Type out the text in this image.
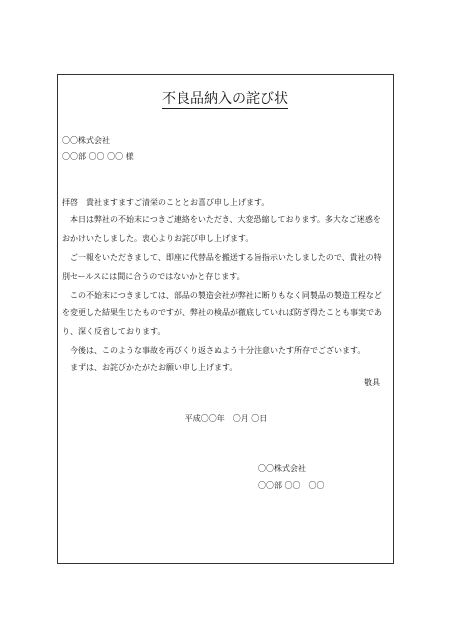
不良品納入の詫び状
〇〇株式会社
〇〇部 〇〇 〇〇 様
拝啓　貴社ますますご清栄のこととお喜び申し上げます。
　本日は弊社の不始末につきご連絡をいただき、大変恐縮しております。多大なご迷惑を
おかけいたしました。衷心よりお詫び申し上げます。
　ご一報をいただきまして、即座に代替品を搬送する旨指示いたしましたので、貴社の特
別セールスには間に合うのではないかと存じます。
　この不始末につきましては、部品の製造会社が弊社に断りもなく同製品の製造工程など
を変更した結果生じたものですが、弊社の検品が徹底していれば防ぎ得たことも事実であ
り、深く反省しております。
　今後は、このような事故を再びくり返さぬよう十分注意いたす所存でございます。
　まずは、お詫びかたがたお願い申し上げます。
敬具
平成〇〇年　〇月 〇日
〇〇株式会社
〇〇部 〇〇　〇〇
